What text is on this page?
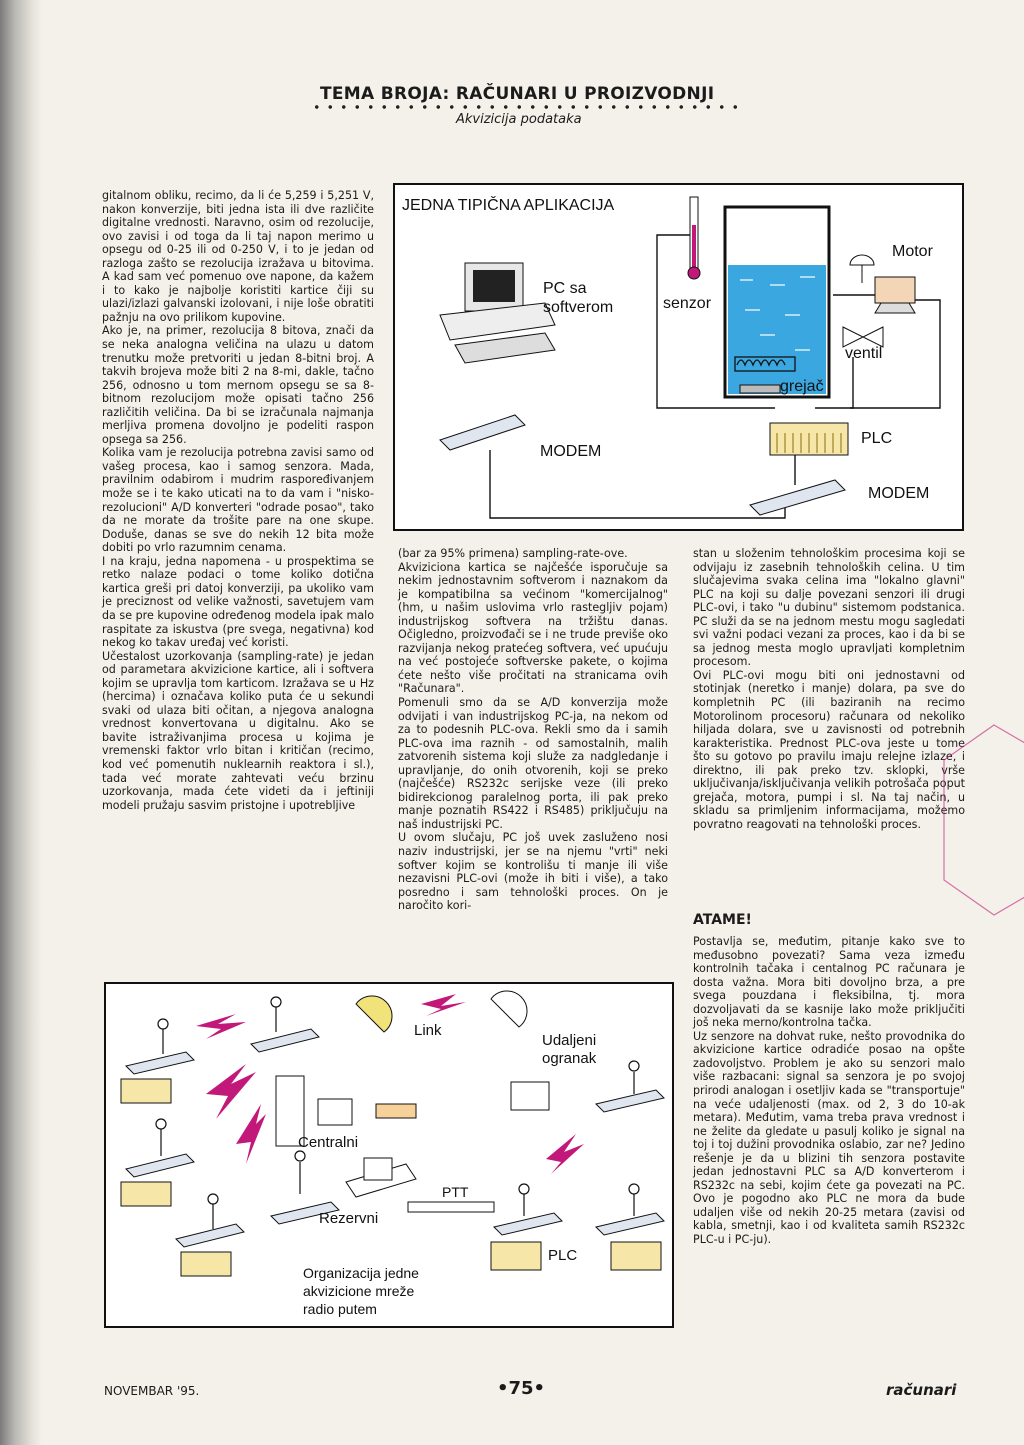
TEMA BROJA: RAČUNARI U PROIZVODNJI
Akvizicija podataka
gitalnom obliku, recimo, da li će 5,259 i 5,251 V, nakon konverzije, biti jedna ista ili dve različite digitalne vrednosti. Naravno, osim od rezolucije, ovo zavisi i od toga da li taj napon merimo u opsegu od 0-25 ili od 0-250 V, i to je jedan od razloga zašto se rezolucija izražava u bitovima. A kad sam već pomenuo ove napone, da kažem i to kako je najbolje koristiti kartice čiji su ulazi/izlazi galvanski izolovani, i nije loše obratiti pažnju na ovo prilikom kupovine.
Ako je, na primer, rezolucija 8 bitova, znači da se neka analogna veličina na ulazu u datom trenutku može pretvoriti u jedan 8-bitni broj. A takvih brojeva može biti 2 na 8-mi, dakle, tačno 256, odnosno u tom mernom opsegu se sa 8-bitnom rezolucijom može opisati tačno 256 različitih veličina. Da bi se izračunala najmanja merljiva promena dovoljno je podeliti raspon opsega sa 256.
Kolika vam je rezolucija potrebna zavisi samo od vašeg procesa, kao i samog senzora. Mada, pravilnim odabirom i mudrim raspoređivanjem može se i te kako uticati na to da vam i "nisko-rezolucioni" A/D konverteri "odrade posao", tako da ne morate da trošite pare na one skupe. Doduše, danas se sve do nekih 12 bita može dobiti po vrlo razumnim cenama.
I na kraju, jedna napomena - u prospektima se retko nalaze podaci o tome koliko dotična kartica greši pri datoj konverziji, pa ukoliko vam je preciznost od velike važnosti, savetujem vam da se pre kupovine određenog modela ipak malo raspitate za iskustva (pre svega, negativna) kod nekog ko takav uređaj već koristi.
Učestalost uzorkovanja (sampling-rate) je jedan od parametara akvizicione kartice, ali i softvera kojim se upravlja tom karticom. Izražava se u Hz (hercima) i označava koliko puta će u sekundi svaki od ulaza biti očitan, a njegova analogna vrednost konvertovana u digitalnu. Ako se bavite istraživanjima procesa u kojima je vremenski faktor vrlo bitan i kritičan (recimo, kod već pomenutih nuklearnih reaktora i sl.), tada već morate zahtevati veću brzinu uzorkovanja, mada ćete videti da i jeftiniji modeli pružaju sasvim pristojne i upotrebljive
JEDNA TIPIČNA APLIKACIJA
PC sa
softverom	senzor
Motor
ventil
grejač
PLC
MODEM
MODEM
(bar za 95% primena) sampling-rate-ove.
Akviziciona kartica se najčešće isporučuje sa nekim jednostavnim softverom i naznakom da je kompatibilna sa većinom "komercijalnog" (hm, u našim uslovima vrlo rastegljiv pojam) industrijskog softvera na tržištu danas. Očigledno, proizvođači se i ne trude previše oko razvijanja nekog pratećeg softvera, već upućuju na već postojeće softverske pakete, o kojima ćete nešto više pročitati na stranicama ovih "Računara".
Pomenuli smo da se A/D konverzija može odvijati i van industrijskog PC-ja, na nekom od za to podesnih PLC-ova. Rekli smo da i samih PLC-ova ima raznih - od samostalnih, malih zatvorenih sistema koji služe za nadgledanje i upravljanje, do onih otvorenih, koji se preko (najčešće) RS232c serijske veze (ili preko bidirekcionog paralelnog porta, ili pak preko manje poznatih RS422 i RS485) priključuju na naš industrijski PC.
U ovom slučaju, PC još uvek zasluženo nosi naziv industrijski, jer se na njemu "vrti" neki softver kojim se kontrolišu ti manje ili više nezavisni PLC-ovi (može ih biti i više), a tako posredno i sam tehnološki proces. On je naročito kori-
stan u složenim tehnološkim procesima koji se odvijaju iz zasebnih tehnoloških celina. U tim slučajevima svaka celina ima "lokalno glavni" PLC na koji su dalje povezani senzori ili drugi PLC-ovi, i tako "u dubinu" sistemom podstanica. PC služi da se na jednom mestu mogu sagledati svi važni podaci vezani za proces, kao i da bi se sa jednog mesta moglo upravljati kompletnim procesom.
Ovi PLC-ovi mogu biti oni jednostavni od stotinjak (neretko i manje) dolara, pa sve do kompletnih PC (ili baziranih na recimo Motorolinom procesoru) računara od nekoliko hiljada dolara, sve u zavisnosti od potrebnih karakteristika. Prednost PLC-ova jeste u tome što su gotovo po pravilu imaju relejne izlaze, i direktno, ili pak preko tzv. sklopki, vrše uključivanja/isključivanja velikih potrošača poput grejača, motora, pumpi i sl. Na taj način, u skladu sa primljenim informacijama, možemo povratno reagovati na tehnološki proces.
ATAME!
Postavlja se, međutim, pitanje kako sve to međusobno povezati? Sama veza između kontrolnih tačaka i centalnog PC računara je dosta važna. Mora biti dovoljno brza, a pre svega pouzdana i fleksibilna, tj. mora dozvoljavati da se kasnije lako može priključiti još neka merno/kontrolna tačka.
Uz senzore na dohvat ruke, nešto provodnika do akvizicione kartice odradiće posao na opšte zadovoljstvo. Problem je ako su senzori malo više razbacani: signal sa senzora je po svojoj prirodi analogan i osetljiv kada se "transportuje" na veće udaljenosti (max. od 2, 3 do 10-ak metara). Međutim, vama treba prava vrednost i ne želite da gledate u pasulj koliko je signal na toj i toj dužini provodnika oslabio, zar ne? Jedino rešenje je da u blizini tih senzora postavite jedan jednostavni PLC sa A/D konverterom i RS232c na sebi, kojim ćete ga povezati na PC. Ovo je pogodno ako PLC ne mora da bude udaljen više od nekih 20-25 metara (zavisi od kabla, smetnji, kao i od kvaliteta samih RS232c PLC-u i PC-ju).
Link
Udaljeni
ogranak
Centralni
PTT
Rezervni
PLC
Organizacija jedne
akvizicione mreže
radio putem
NOVEMBAR '95.	•75•	računari
